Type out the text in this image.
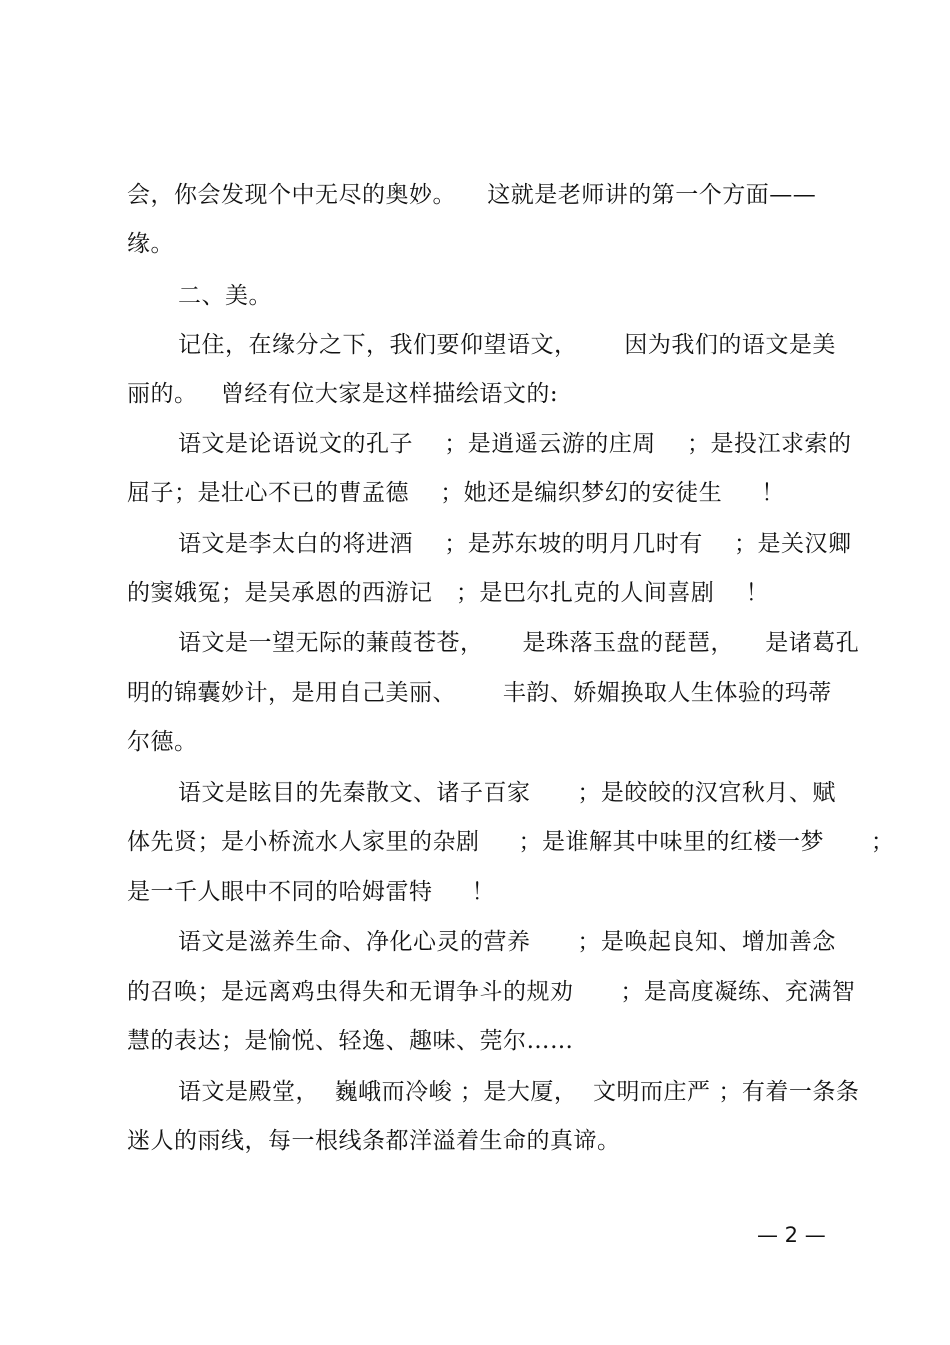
会，你会发现个中无尽的奥妙。    这就是老师讲的第一个方面——
缘。
二、美。
记住，在缘分之下，我们要仰望语文，      因为我们的语文是美
丽的。   曾经有位大家是这样描绘语文的:
语文是论语说文的孔子    ；是逍遥云游的庄周    ；是投江求索的
屈子；是壮心不已的曹孟德    ；她还是编织梦幻的安徒生     ！
语文是李太白的将进酒    ；是苏东坡的明月几时有    ；是关汉卿
的窦娥冤；是吴承恩的西游记   ；是巴尔扎克的人间喜剧    ！
语文是一望无际的蒹葭苍苍，     是珠落玉盘的琵琶，    是诸葛孔
明的锦囊妙计，是用自己美丽、      丰韵、娇媚换取人生体验的玛蒂
尔德。
语文是眩目的先秦散文、诸子百家      ；是皎皎的汉宫秋月、赋
体先贤；是小桥流水人家里的杂剧     ；是谁解其中味里的红楼一梦      ；
是一千人眼中不同的哈姆雷特     ！
语文是滋养生命、净化心灵的营养      ；是唤起良知、增加善念
的召唤；是远离鸡虫得失和无谓争斗的规劝      ；是高度凝练、充满智
慧的表达；是愉悦、轻逸、趣味、莞尔……
语文是殿堂，  巍峨而冷峻 ；是大厦，  文明而庄严 ；有着一条条
迷人的雨线，每一根线条都洋溢着生命的真谛。
— 2 —
